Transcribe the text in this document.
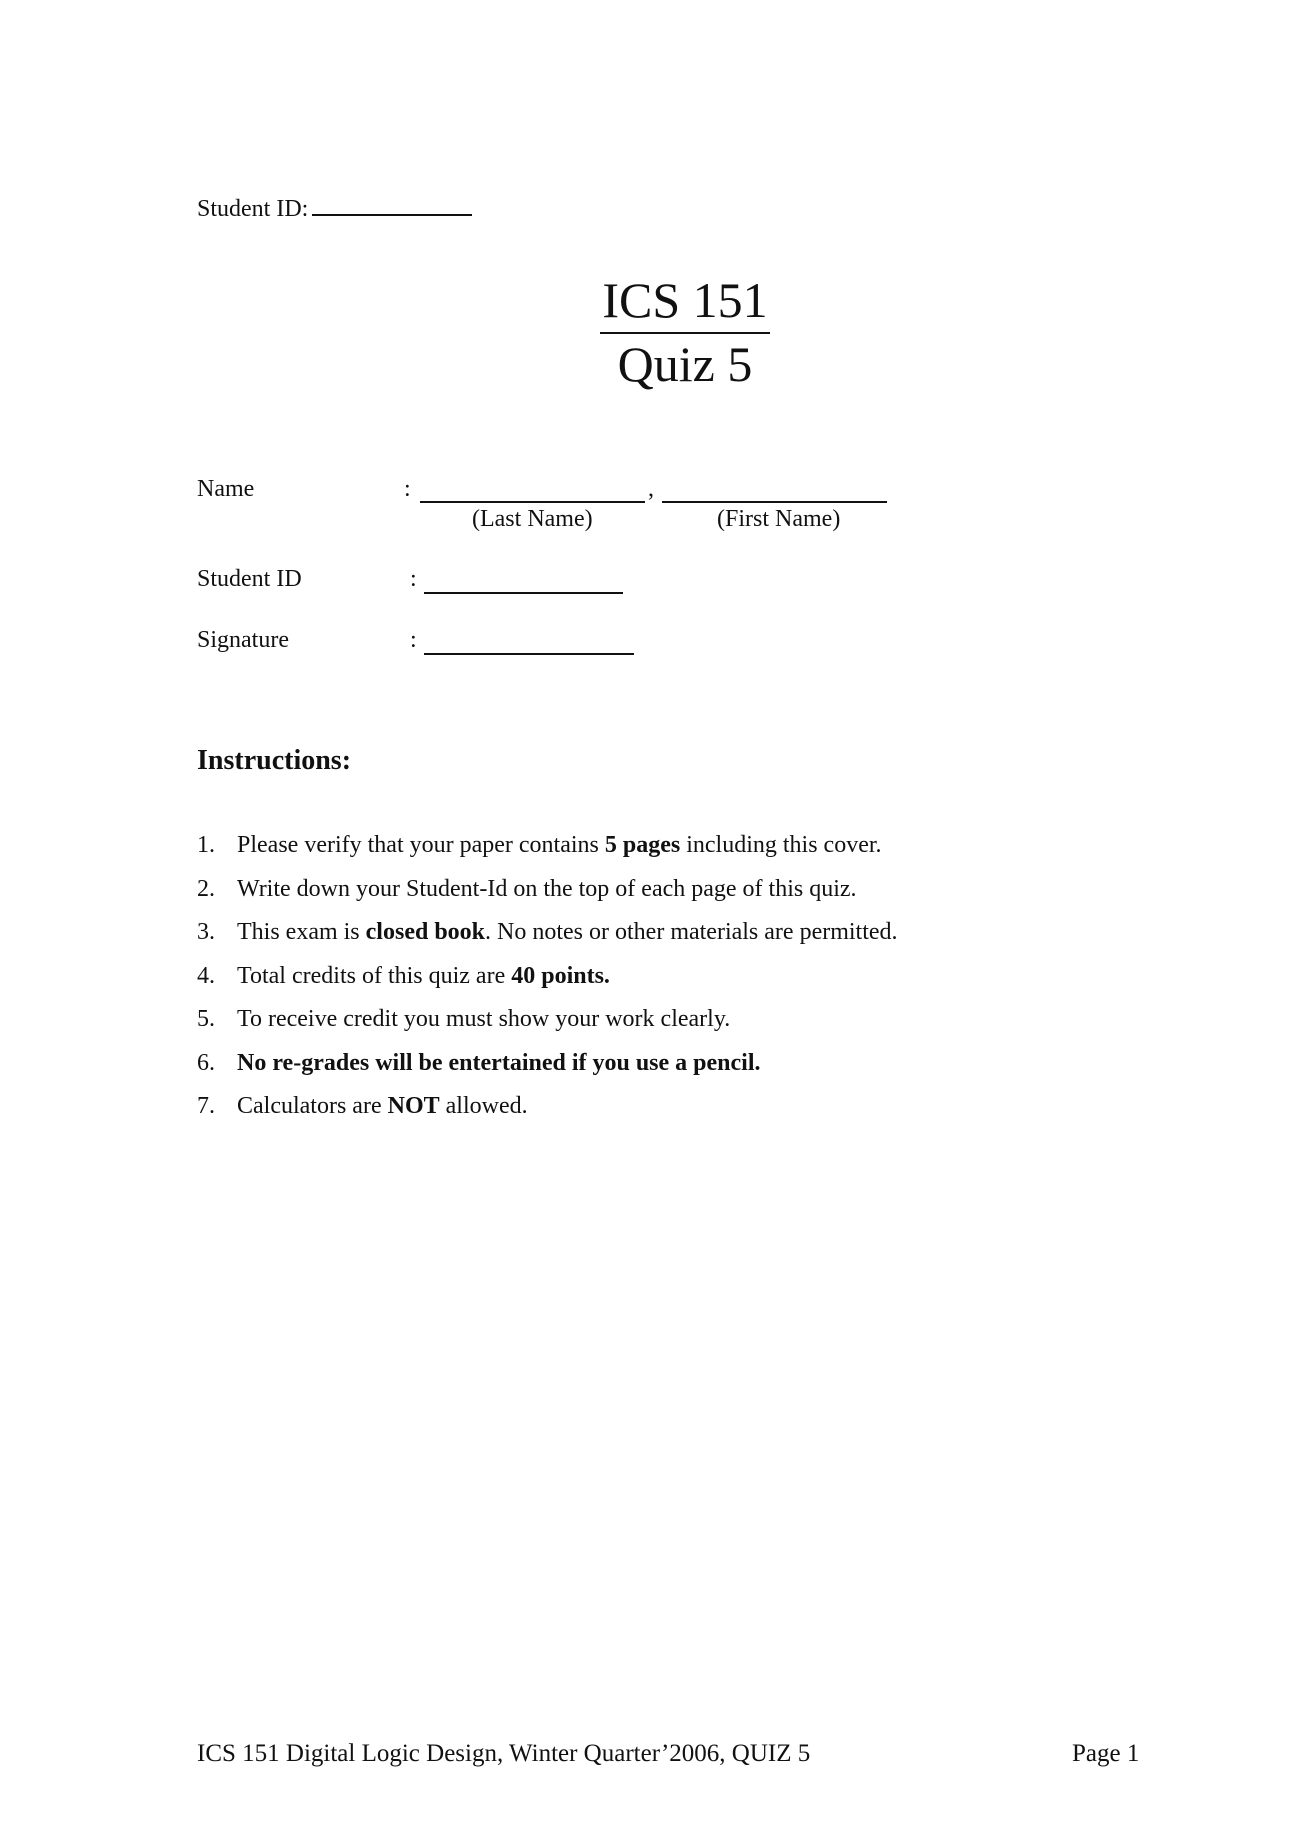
Student ID:
ICS 151
Quiz 5
Name	:	,
(Last Name)	(First Name)
Student ID	:
Signature	:
Instructions:
1. Please verify that your paper contains 5 pages including this cover.
2. Write down your Student-Id on the top of each page of this quiz.
3. This exam is closed book. No notes or other materials are permitted.
4. Total credits of this quiz are 40 points.
5. To receive credit you must show your work clearly.
6. No re-grades will be entertained if you use a pencil.
7. Calculators are NOT allowed.
ICS 151 Digital Logic Design, Winter Quarter’2006, QUIZ 5	Page 1
